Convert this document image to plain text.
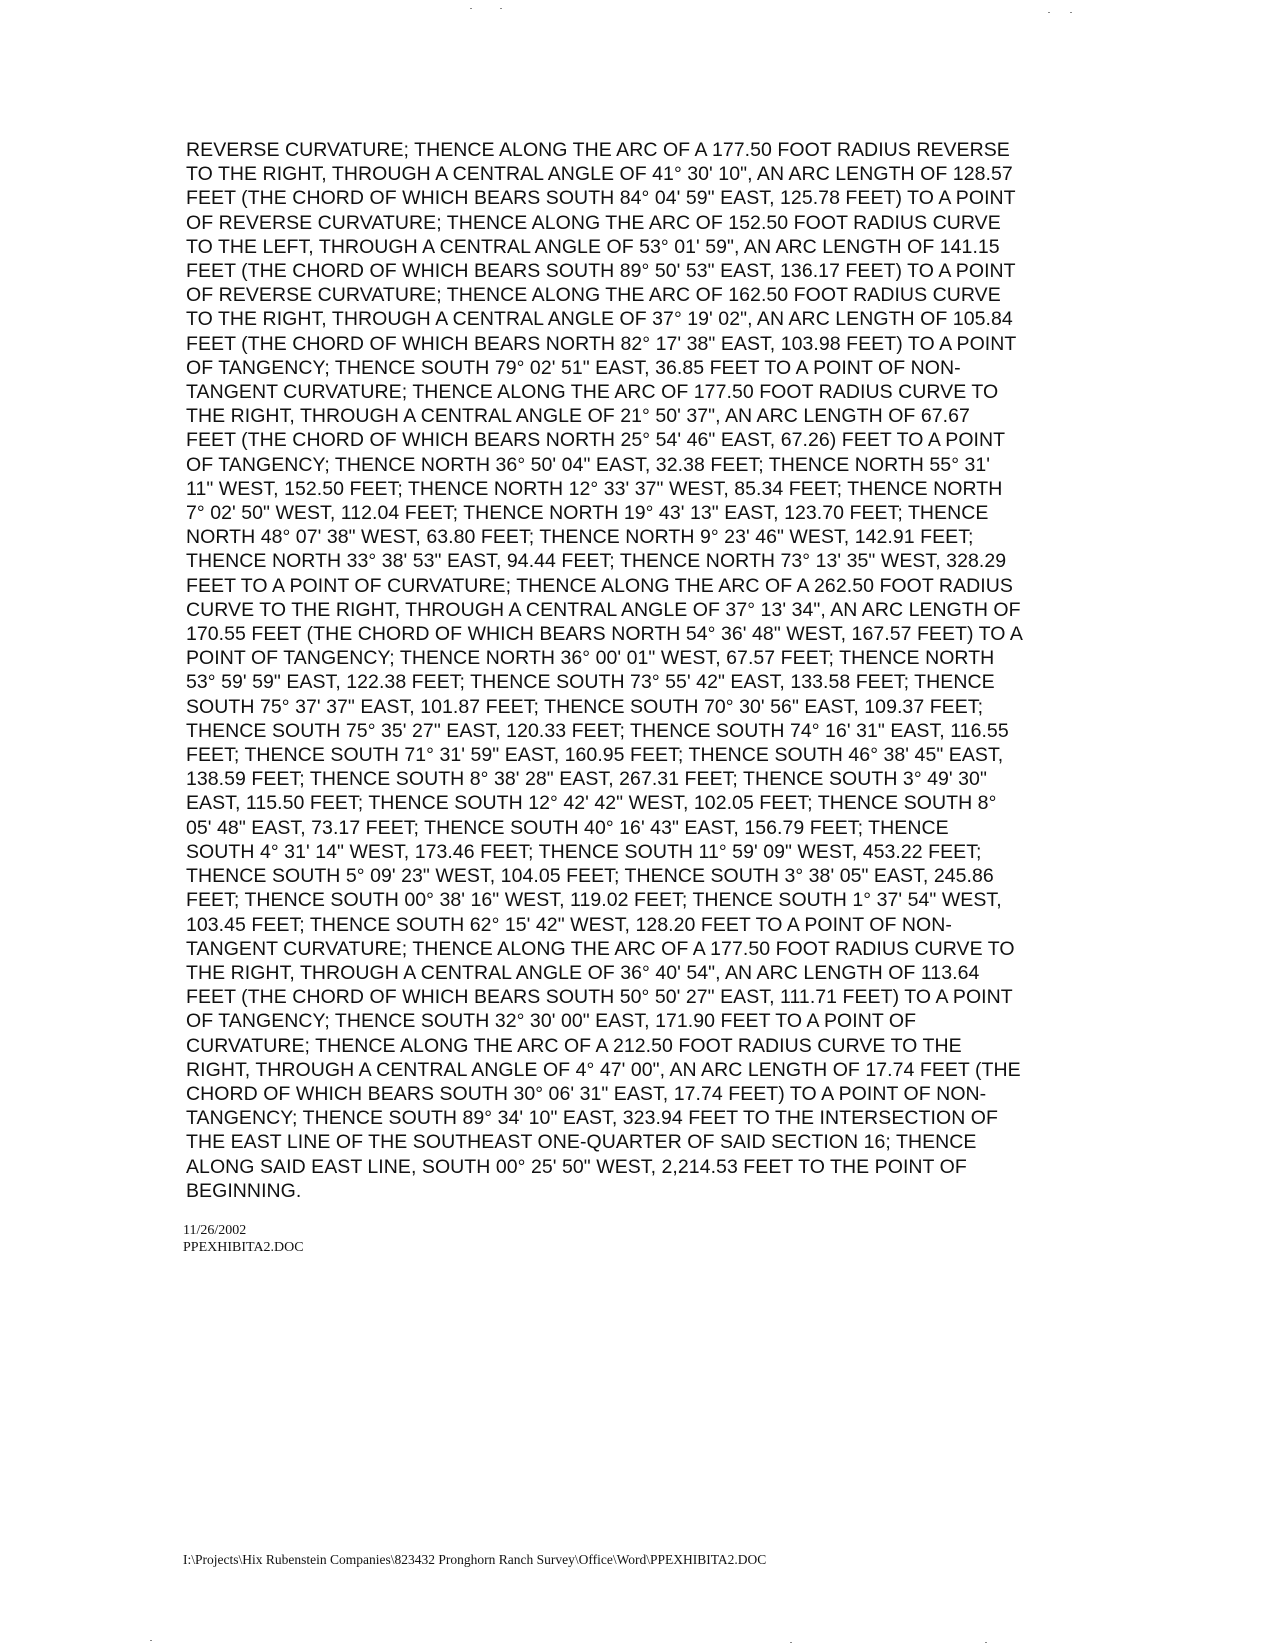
REVERSE CURVATURE; THENCE ALONG THE ARC OF A 177.50 FOOT RADIUS REVERSE
TO THE RIGHT, THROUGH A CENTRAL ANGLE OF 41° 30' 10", AN ARC LENGTH OF 128.57
FEET (THE CHORD OF WHICH BEARS SOUTH 84° 04' 59" EAST, 125.78 FEET) TO A POINT
OF REVERSE CURVATURE; THENCE ALONG THE ARC OF 152.50 FOOT RADIUS CURVE
TO THE LEFT, THROUGH A CENTRAL ANGLE OF 53° 01' 59", AN ARC LENGTH OF 141.15
FEET (THE CHORD OF WHICH BEARS SOUTH 89° 50' 53" EAST, 136.17 FEET) TO A POINT
OF REVERSE CURVATURE; THENCE ALONG THE ARC OF 162.50 FOOT RADIUS CURVE
TO THE RIGHT, THROUGH A CENTRAL ANGLE OF 37° 19' 02", AN ARC LENGTH OF 105.84
FEET (THE CHORD OF WHICH BEARS NORTH 82° 17' 38" EAST, 103.98 FEET) TO A POINT
OF TANGENCY; THENCE SOUTH 79° 02' 51" EAST, 36.85 FEET TO A POINT OF NON-
TANGENT CURVATURE; THENCE ALONG THE ARC OF 177.50 FOOT RADIUS CURVE TO
THE RIGHT, THROUGH A CENTRAL ANGLE OF 21° 50' 37", AN ARC LENGTH OF 67.67
FEET (THE CHORD OF WHICH BEARS NORTH 25° 54' 46" EAST, 67.26) FEET TO A POINT
OF TANGENCY; THENCE NORTH 36° 50' 04" EAST, 32.38 FEET; THENCE NORTH 55° 31'
11" WEST, 152.50 FEET; THENCE NORTH 12° 33' 37" WEST, 85.34 FEET; THENCE NORTH
7° 02' 50" WEST, 112.04 FEET; THENCE NORTH 19° 43' 13" EAST, 123.70 FEET; THENCE
NORTH 48° 07' 38" WEST, 63.80 FEET; THENCE NORTH 9° 23' 46" WEST, 142.91 FEET;
THENCE NORTH 33° 38' 53" EAST, 94.44 FEET; THENCE NORTH 73° 13' 35" WEST, 328.29
FEET TO A POINT OF CURVATURE; THENCE ALONG THE ARC OF A 262.50 FOOT RADIUS
CURVE TO THE RIGHT, THROUGH A CENTRAL ANGLE OF 37° 13' 34", AN ARC LENGTH OF
170.55 FEET (THE CHORD OF WHICH BEARS NORTH 54° 36' 48" WEST, 167.57 FEET) TO A
POINT OF TANGENCY; THENCE NORTH 36° 00' 01" WEST, 67.57 FEET; THENCE NORTH
53° 59' 59" EAST, 122.38 FEET; THENCE SOUTH 73° 55' 42" EAST, 133.58 FEET; THENCE
SOUTH 75° 37' 37" EAST, 101.87 FEET; THENCE SOUTH 70° 30' 56" EAST, 109.37 FEET;
THENCE SOUTH 75° 35' 27" EAST, 120.33 FEET; THENCE SOUTH 74° 16' 31" EAST, 116.55
FEET; THENCE SOUTH 71° 31' 59" EAST, 160.95 FEET; THENCE SOUTH 46° 38' 45" EAST,
138.59 FEET; THENCE SOUTH 8° 38' 28" EAST, 267.31 FEET; THENCE SOUTH 3° 49' 30"
EAST, 115.50 FEET; THENCE SOUTH 12° 42' 42" WEST, 102.05 FEET; THENCE SOUTH 8°
05' 48" EAST, 73.17 FEET; THENCE SOUTH 40° 16' 43" EAST, 156.79 FEET; THENCE
SOUTH 4° 31' 14" WEST, 173.46 FEET; THENCE SOUTH 11° 59' 09" WEST, 453.22 FEET;
THENCE SOUTH 5° 09' 23" WEST, 104.05 FEET; THENCE SOUTH 3° 38' 05" EAST, 245.86
FEET; THENCE SOUTH 00° 38' 16" WEST, 119.02 FEET; THENCE SOUTH 1° 37' 54" WEST,
103.45 FEET; THENCE SOUTH 62° 15' 42" WEST, 128.20 FEET TO A POINT OF NON-
TANGENT CURVATURE; THENCE ALONG THE ARC OF A 177.50 FOOT RADIUS CURVE TO
THE RIGHT, THROUGH A CENTRAL ANGLE OF 36° 40' 54", AN ARC LENGTH OF 113.64
FEET (THE CHORD OF WHICH BEARS SOUTH 50° 50' 27" EAST, 111.71 FEET) TO A POINT
OF TANGENCY; THENCE SOUTH 32° 30' 00" EAST, 171.90 FEET TO A POINT OF
CURVATURE; THENCE ALONG THE ARC OF A 212.50 FOOT RADIUS CURVE TO THE
RIGHT, THROUGH A CENTRAL ANGLE OF 4° 47' 00", AN ARC LENGTH OF 17.74 FEET (THE
CHORD OF WHICH BEARS SOUTH 30° 06' 31" EAST, 17.74 FEET) TO A POINT OF NON-
TANGENCY; THENCE SOUTH 89° 34' 10" EAST, 323.94 FEET TO THE INTERSECTION OF
THE EAST LINE OF THE SOUTHEAST ONE-QUARTER OF SAID SECTION 16; THENCE
ALONG SAID EAST LINE, SOUTH 00° 25' 50" WEST, 2,214.53 FEET TO THE POINT OF
BEGINNING.
11/26/2002
PPEXHIBITA2.DOC
I:\Projects\Hix Rubenstein Companies\823432 Pronghorn Ranch Survey\Office\Word\PPEXHIBITA2.DOC
